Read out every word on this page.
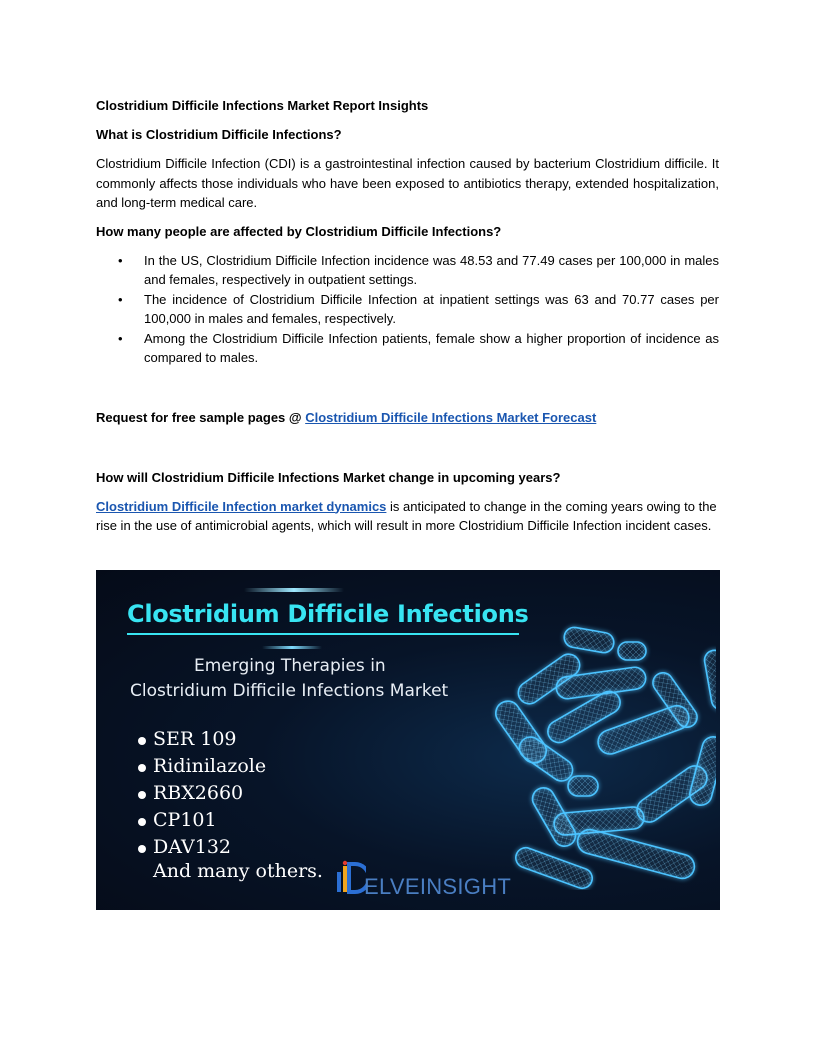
Clostridium Difficile Infections Market Report Insights

What is Clostridium Difficile Infections?

Clostridium Difficile Infection (CDI) is a gastrointestinal infection caused by bacterium Clostridium difficile. It commonly affects those individuals who have been exposed to antibiotics therapy, extended hospitalization, and long-term medical care.

How many people are affected by Clostridium Difficile Infections?

• In the US, Clostridium Difficile Infection incidence was 48.53 and 77.49 cases per 100,000 in males and females, respectively in outpatient settings.
• The incidence of Clostridium Difficile Infection at inpatient settings was 63 and 70.77 cases per 100,000 in males and females, respectively.
• Among the Clostridium Difficile Infection patients, female show a higher proportion of incidence as compared to males.

Request for free sample pages @ Clostridium Difficile Infections Market Forecast

How will Clostridium Difficile Infections Market change in upcoming years?

Clostridium Difficile Infection market dynamics is anticipated to change in the coming years owing to the rise in the use of antimicrobial agents, which will result in more Clostridium Difficile Infection incident cases.

Clostridium Difficile Infections
Emerging Therapies in
Clostridium Difficile Infections Market
SER 109
Ridinilazole
RBX2660
CP101
DAV132
And many others.
ELVEINSIGHT
